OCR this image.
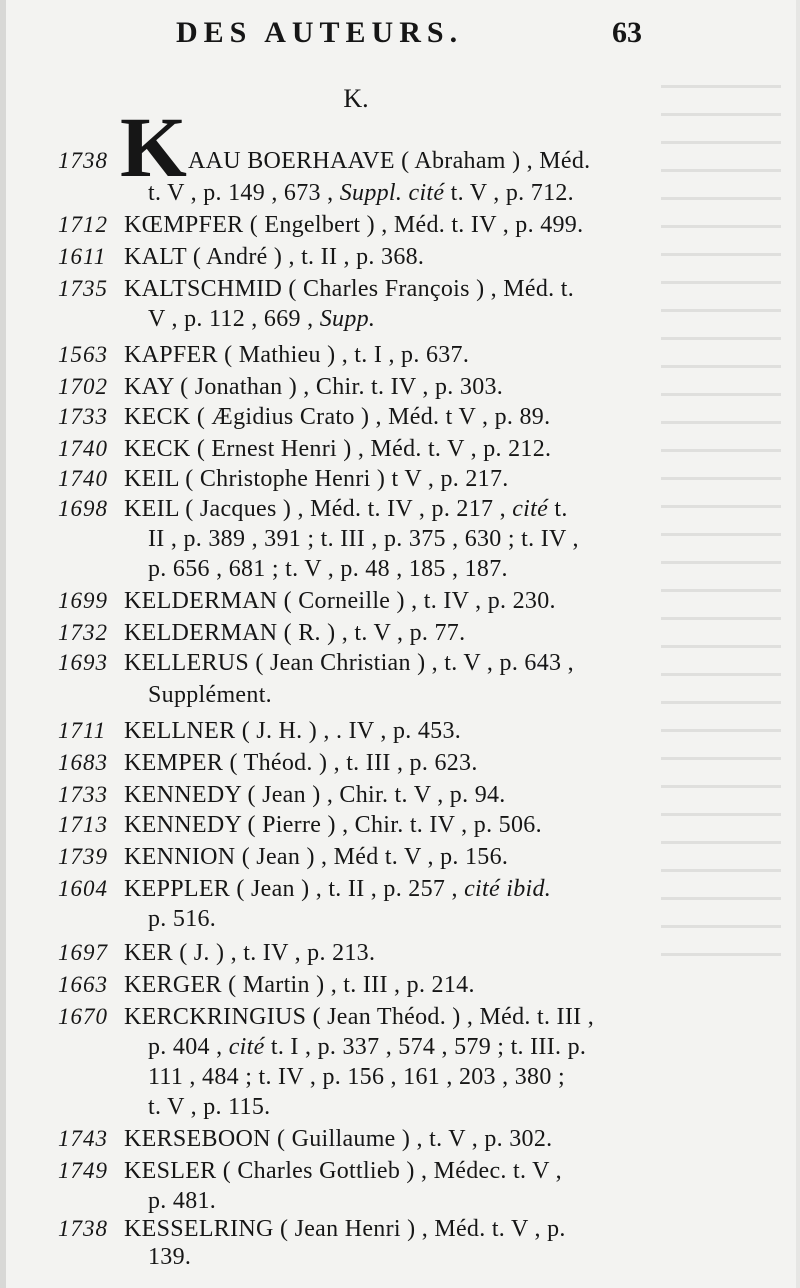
DES AUTEURS.	63
K.
K
1738	AAU BOERHAAVE ( Abraham ) , Méd.
t. V , p. 149 , 673 , Suppl. cité t. V , p. 712.
1712 KŒMPFER ( Engelbert ) , Méd. t. IV , p. 499.
1611 KALT ( André ) , t. II , p. 368.
1735 KALTSCHMID ( Charles François ) , Méd. t.
V , p. 112 , 669 , Supp.
1563 KAPFER ( Mathieu ) , t. I , p. 637.
1702 KAY ( Jonathan ) , Chir. t. IV , p. 303.
1733 KECK ( Ægidius Crato ) , Méd. t V , p. 89.
1740 KECK ( Ernest Henri ) , Méd. t. V , p. 212.
1740 KEIL ( Christophe Henri ) t V , p. 217.
1698 KEIL ( Jacques ) , Méd. t. IV , p. 217 , cité t.
II , p. 389 , 391 ; t. III , p. 375 , 630 ; t. IV ,
p. 656 , 681 ; t. V , p. 48 , 185 , 187.
1699 KELDERMAN ( Corneille ) , t. IV , p. 230.
1732 KELDERMAN ( R. ) , t. V , p. 77.
1693 KELLERUS ( Jean Christian ) , t. V , p. 643 ,
Supplément.
1711 KELLNER ( J. H. ) , . IV , p. 453.
1683 KEMPER ( Théod. ) , t. III , p. 623.
1733 KENNEDY ( Jean ) , Chir. t. V , p. 94.
1713 KENNEDY ( Pierre ) , Chir. t. IV , p. 506.
1739 KENNION ( Jean ) , Méd t. V , p. 156.
1604 KEPPLER ( Jean ) , t. II , p. 257 , cité ibid.
p. 516.
1697 KER ( J. ) , t. IV , p. 213.
1663 KERGER ( Martin ) , t. III , p. 214.
1670 KERCKRINGIUS ( Jean Théod. ) , Méd. t. III ,
p. 404 , cité t. I , p. 337 , 574 , 579 ; t. III. p.
111 , 484 ; t. IV , p. 156 , 161 , 203 , 380 ;
t. V , p. 115.
1743 KERSEBOON ( Guillaume ) , t. V , p. 302.
1749 KESLER ( Charles Gottlieb ) , Médec. t. V ,
p. 481.
1738 KESSELRING ( Jean Henri ) , Méd. t. V , p.
139.
